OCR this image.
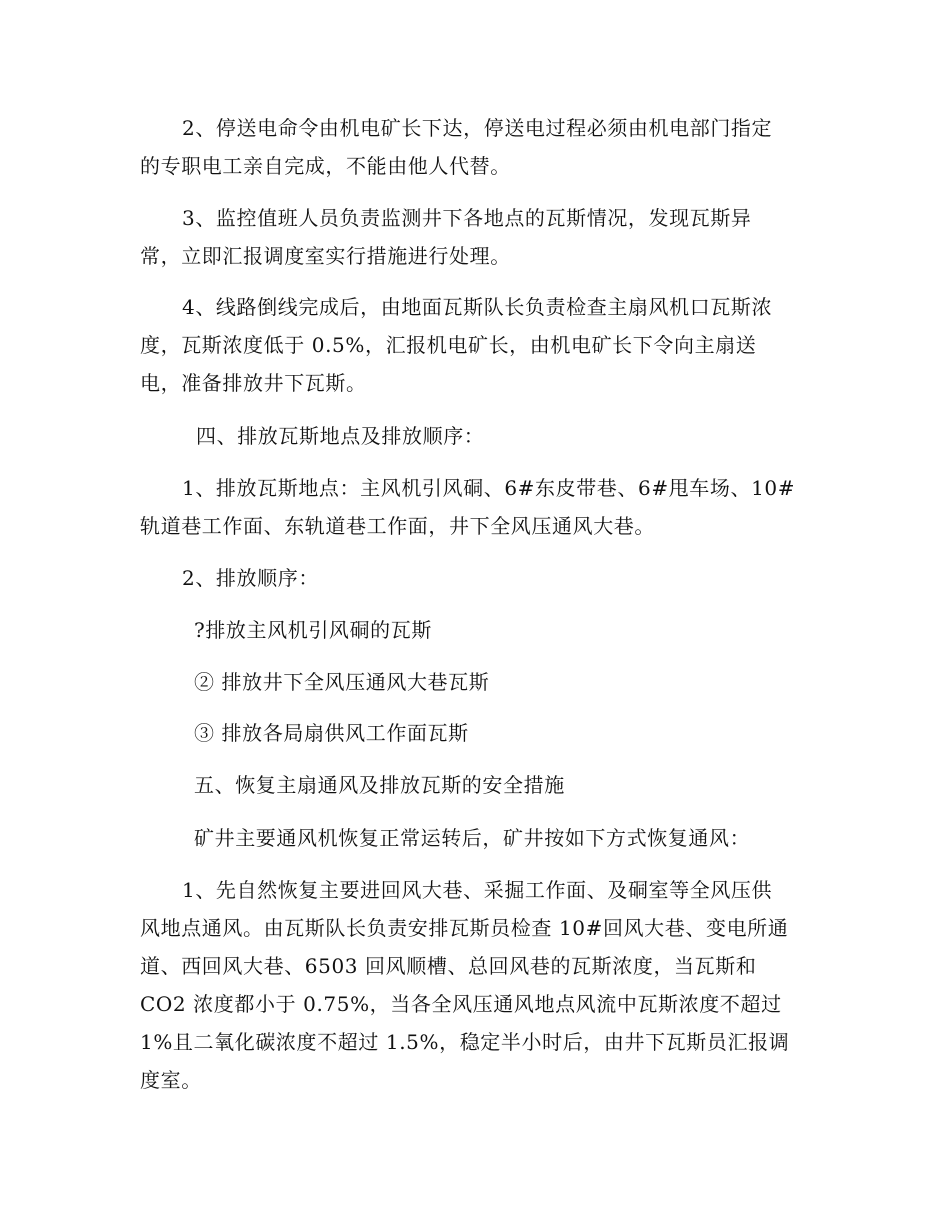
2、停送电命令由机电矿长下达，停送电过程必须由机电部门指定

的专职电工亲自完成，不能由他人代替。

3、监控值班人员负责监测井下各地点的瓦斯情况，发现瓦斯异

常，立即汇报调度室实行措施进行处理。

4、线路倒线完成后，由地面瓦斯队长负责检查主扇风机口瓦斯浓

度，瓦斯浓度低于 0.5%，汇报机电矿长，由机电矿长下令向主扇送

电，准备排放井下瓦斯。

四、排放瓦斯地点及排放顺序：

1、排放瓦斯地点：主风机引风硐、6#东皮带巷、6#甩车场、10#

轨道巷工作面、东轨道巷工作面，井下全风压通风大巷。

2、排放顺序：

?排放主风机引风硐的瓦斯

② 排放井下全风压通风大巷瓦斯

③ 排放各局扇供风工作面瓦斯

五、恢复主扇通风及排放瓦斯的安全措施

矿井主要通风机恢复正常运转后，矿井按如下方式恢复通风：

1、先自然恢复主要进回风大巷、采掘工作面、及硐室等全风压供

风地点通风。由瓦斯队长负责安排瓦斯员检查 10#回风大巷、变电所通

道、西回风大巷、6503 回风顺槽、总回风巷的瓦斯浓度，当瓦斯和

CO2 浓度都小于 0.75%，当各全风压通风地点风流中瓦斯浓度不超过

1%且二氧化碳浓度不超过 1.5%，稳定半小时后，由井下瓦斯员汇报调

度室。
